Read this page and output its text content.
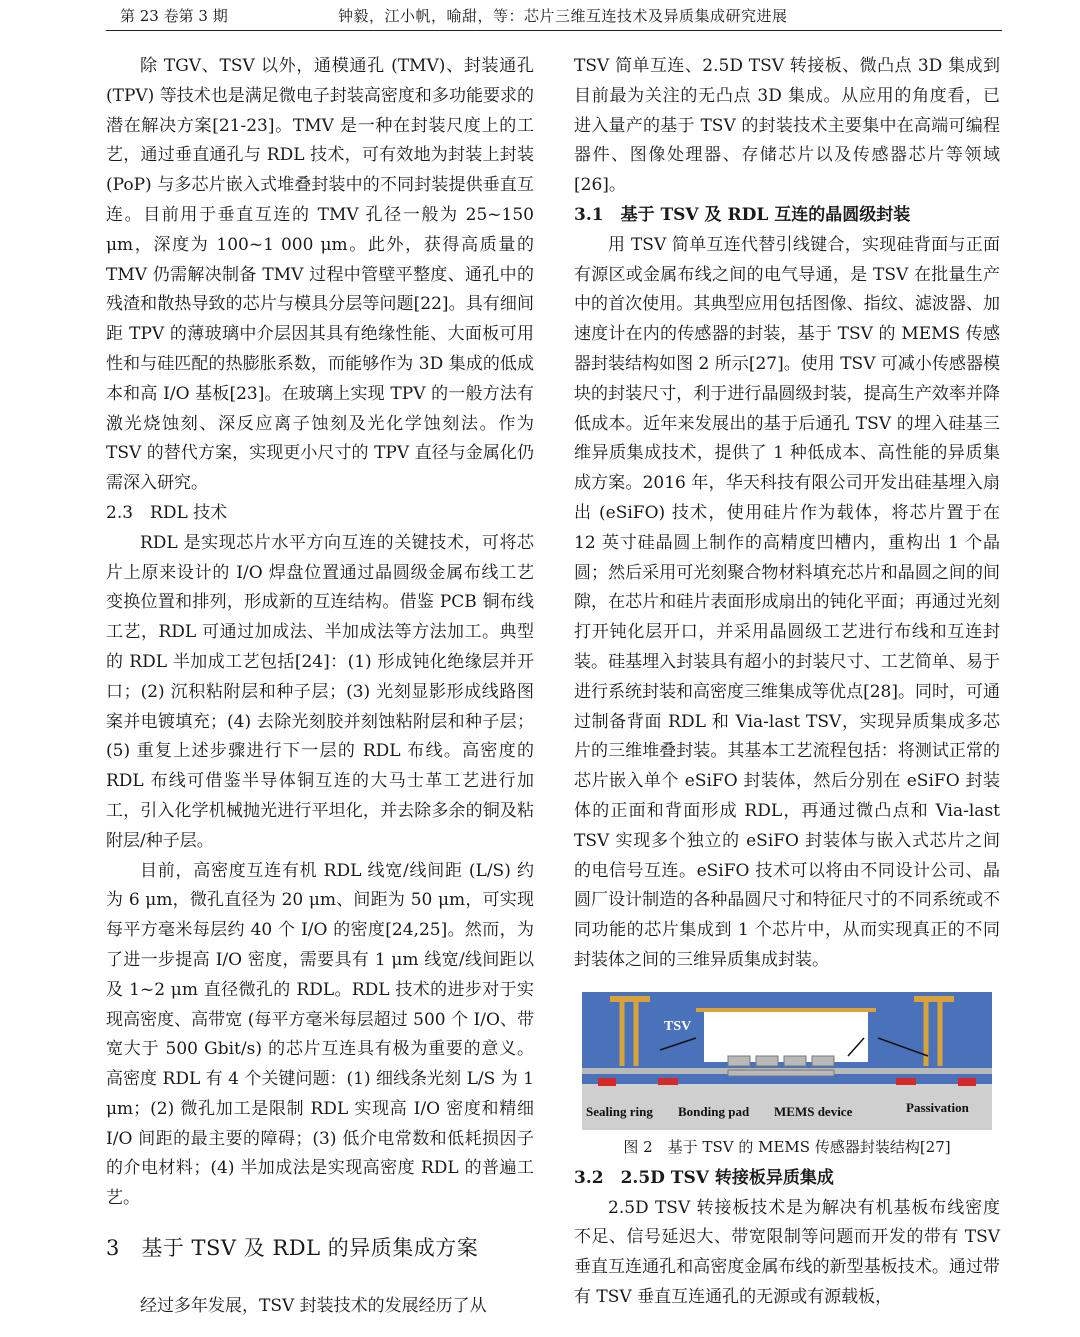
第 23 卷第 3 期	钟毅，江小帆，喻甜，等：芯片三维互连技术及异质集成研究进展

除 TGV、TSV 以外，通模通孔 (TMV)、封装通孔 (TPV) 等技术也是满足微电子封装高密度和多功能要求的潜在解决方案[21-23]。TMV 是一种在封装尺度上的工艺，通过垂直通孔与 RDL 技术，可有效地为封装上封装 (PoP) 与多芯片嵌入式堆叠封装中的不同封装提供垂直互连。目前用于垂直互连的 TMV 孔径一般为 25~150 μm，深度为 100~1 000 μm。此外，获得高质量的 TMV 仍需解决制备 TMV 过程中管壁平整度、通孔中的残渣和散热导致的芯片与模具分层等问题[22]。具有细间距 TPV 的薄玻璃中介层因其具有绝缘性能、大面板可用性和与硅匹配的热膨胀系数，而能够作为 3D 集成的低成本和高 I/O 基板[23]。在玻璃上实现 TPV 的一般方法有激光烧蚀刻、深反应离子蚀刻及光化学蚀刻法。作为 TSV 的替代方案，实现更小尺寸的 TPV 直径与金属化仍需深入研究。

2.3　RDL 技术

RDL 是实现芯片水平方向互连的关键技术，可将芯片上原来设计的 I/O 焊盘位置通过晶圆级金属布线工艺变换位置和排列，形成新的互连结构。借鉴 PCB 铜布线工艺，RDL 可通过加成法、半加成法等方法加工。典型的 RDL 半加成工艺包括[24]：(1) 形成钝化绝缘层并开口；(2) 沉积粘附层和种子层；(3) 光刻显影形成线路图案并电镀填充；(4) 去除光刻胶并刻蚀粘附层和种子层；(5) 重复上述步骤进行下一层的 RDL 布线。高密度的 RDL 布线可借鉴半导体铜互连的大马士革工艺进行加工，引入化学机械抛光进行平坦化，并去除多余的铜及粘附层/种子层。

目前，高密度互连有机 RDL 线宽/线间距 (L/S) 约为 6 μm，微孔直径为 20 μm、间距为 50 μm，可实现每平方毫米每层约 40 个 I/O 的密度[24,25]。然而，为了进一步提高 I/O 密度，需要具有 1 μm 线宽/线间距以及 1~2 μm 直径微孔的 RDL。RDL 技术的进步对于实现高密度、高带宽 (每平方毫米每层超过 500 个 I/O、带宽大于 500 Gbit/s) 的芯片互连具有极为重要的意义。高密度 RDL 有 4 个关键问题：(1) 细线条光刻 L/S 为 1 μm；(2) 微孔加工是限制 RDL 实现高 I/O 密度和精细 I/O 间距的最主要的障碍；(3) 低介电常数和低耗损因子的介电材料；(4) 半加成法是实现高密度 RDL 的普遍工艺。

3　基于 TSV 及 RDL 的异质集成方案

经过多年发展，TSV 封装技术的发展经历了从

TSV 简单互连、2.5D TSV 转接板、微凸点 3D 集成到目前最为关注的无凸点 3D 集成。从应用的角度看，已进入量产的基于 TSV 的封装技术主要集中在高端可编程器件、图像处理器、存储芯片以及传感器芯片等领域[26]。

3.1　基于 TSV 及 RDL 互连的晶圆级封装

用 TSV 简单互连代替引线键合，实现硅背面与正面有源区或金属布线之间的电气导通，是 TSV 在批量生产中的首次使用。其典型应用包括图像、指纹、滤波器、加速度计在内的传感器的封装，基于 TSV 的 MEMS 传感器封装结构如图 2 所示[27]。使用 TSV 可减小传感器模块的封装尺寸，利于进行晶圆级封装，提高生产效率并降低成本。近年来发展出的基于后通孔 TSV 的埋入硅基三维异质集成技术，提供了 1 种低成本、高性能的异质集成方案。2016 年，华天科技有限公司开发出硅基埋入扇出 (eSiFO) 技术，使用硅片作为载体，将芯片置于在 12 英寸硅晶圆上制作的高精度凹槽内，重构出 1 个晶圆；然后采用可光刻聚合物材料填充芯片和晶圆之间的间隙，在芯片和硅片表面形成扇出的钝化平面；再通过光刻打开钝化层开口，并采用晶圆级工艺进行布线和互连封装。硅基埋入封装具有超小的封装尺寸、工艺简单、易于进行系统封装和高密度三维集成等优点[28]。同时，可通过制备背面 RDL 和 Via-last TSV，实现异质集成多芯片的三维堆叠封装。其基本工艺流程包括：将测试正常的芯片嵌入单个 eSiFO 封装体，然后分别在 eSiFO 封装体的正面和背面形成 RDL，再通过微凸点和 Via-last TSV 实现多个独立的 eSiFO 封装体与嵌入式芯片之间的电信号互连。eSiFO 技术可以将由不同设计公司、晶圆厂设计制造的各种晶圆尺寸和特征尺寸的不同系统或不同功能的芯片集成到 1 个芯片中，从而实现真正的不同封装体之间的三维异质集成封装。

TSV
RDL
Sealing ring Bonding pad MEMS device	Passivation
图 2　基于 TSV 的 MEMS 传感器封装结构[27]
3.2　2.5D TSV 转接板异质集成

2.5D TSV 转接板技术是为解决有机基板布线密度不足、信号延迟大、带宽限制等问题而开发的带有 TSV 垂直互连通孔和高密度金属布线的新型基板技术。通过带有 TSV 垂直互连通孔的无源或有源载板，
